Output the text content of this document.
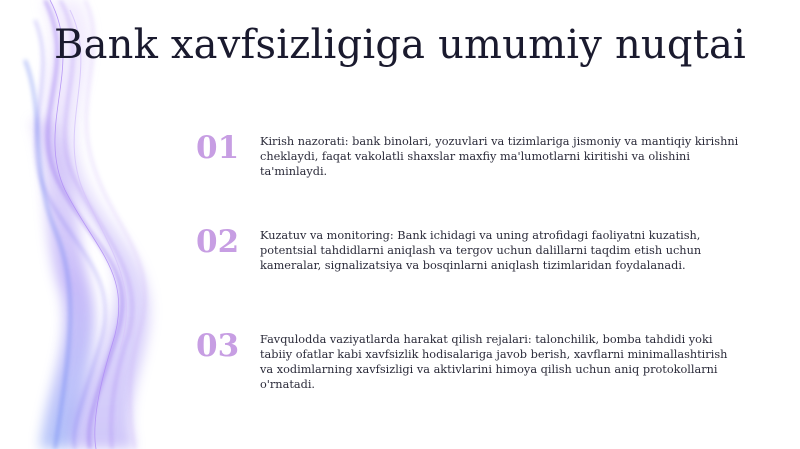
Bank xavfsizligiga umumiy nuqtai
01	Kirish nazorati: bank binolari, yozuvlari va tizimlariga jismoniy va mantiqiy kirishni cheklaydi, faqat vakolatli shaxslar maxfiy ma'lumotlarni kiritishi va olishini ta'minlaydi.
02	Kuzatuv va monitoring: Bank ichidagi va uning atrofidagi faoliyatni kuzatish, potentsial tahdidlarni aniqlash va tergov uchun dalillarni taqdim etish uchun kameralar, signalizatsiya va bosqinlarni aniqlash tizimlaridan foydalanadi.
03	Favqulodda vaziyatlarda harakat qilish rejalari: talonchilik, bomba tahdidi yoki tabiiy ofatlar kabi xavfsizlik hodisalariga javob berish, xavflarni minimallashtirish va xodimlarning xavfsizligi va aktivlarini himoya qilish uchun aniq protokollarni o'rnatadi.
